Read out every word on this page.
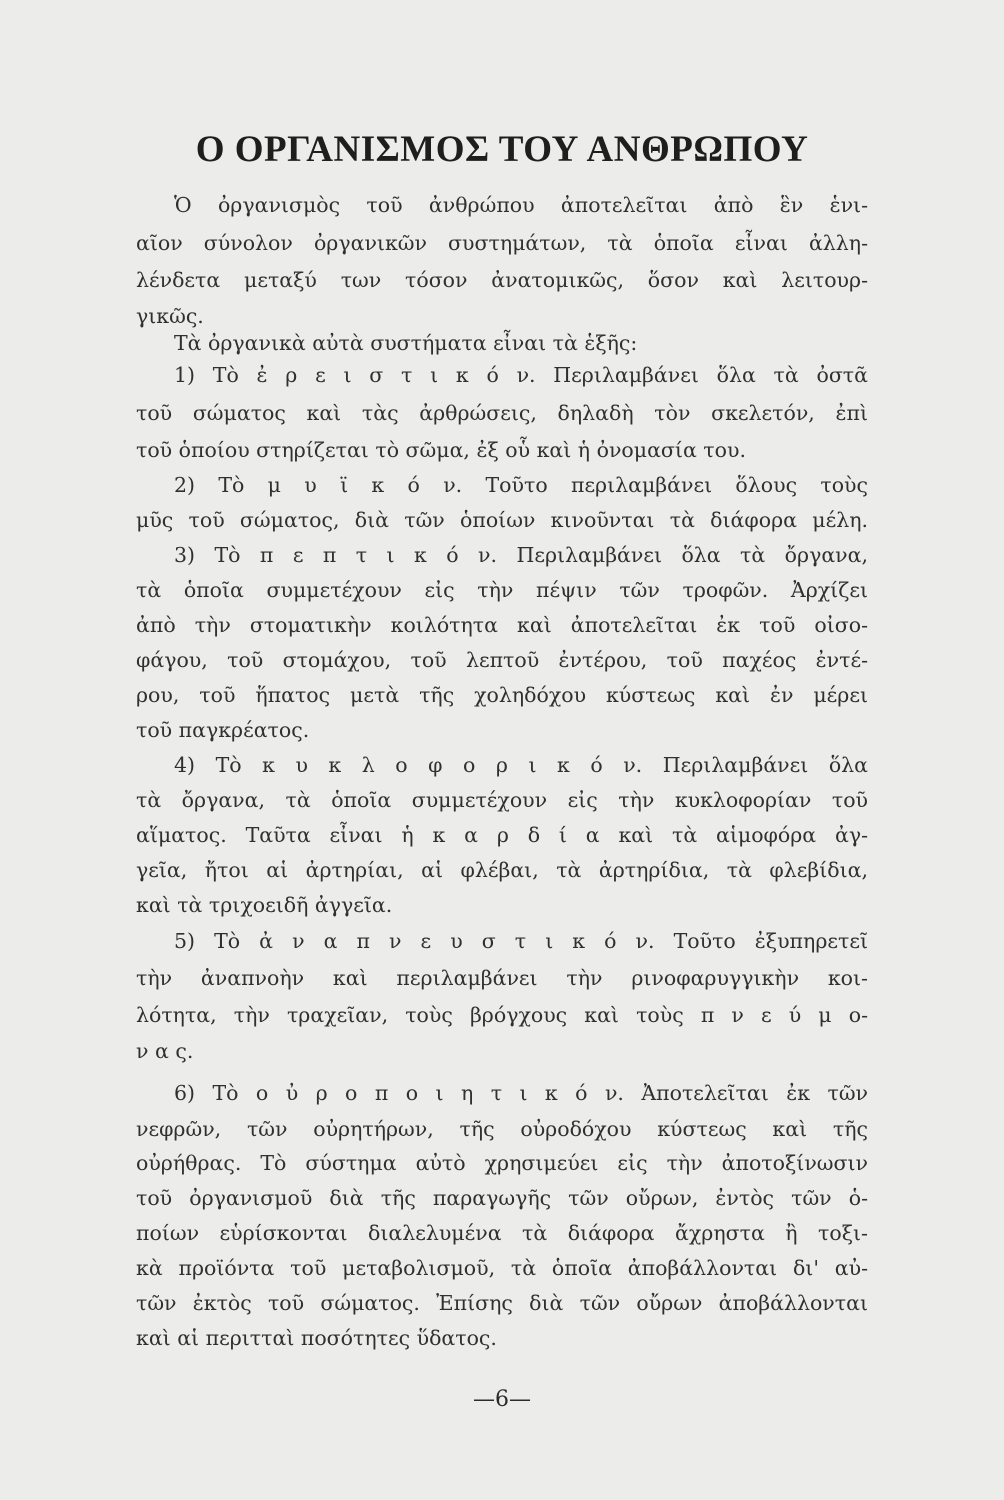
Ο ΟΡΓΑΝΙΣΜΟΣ ΤΟΥ ΑΝΘΡΩΠΟΥ
Ὁ ὀργανισμὸς τοῦ ἀνθρώπου ἀποτελεῖται ἀπὸ ἓν ἑνι-
αῖον σύνολον ὀργανικῶν συστημάτων, τὰ ὁποῖα εἶναι ἀλλη-
λένδετα μεταξύ των τόσον ἀνατομικῶς, ὅσον καὶ λειτουρ-
γικῶς.
Τὰ ὀργανικὰ αὐτὰ συστήματα εἶναι τὰ ἑξῆς:
1) Τὸ ἐ ρ ε ι σ τ ι κ ό ν. Περιλαμβάνει ὅλα τὰ ὀστᾶ
τοῦ σώματος καὶ τὰς ἀρθρώσεις, δηλαδὴ τὸν σκελετόν, ἐπὶ
τοῦ ὁποίου στηρίζεται τὸ σῶμα, ἐξ οὗ καὶ ἡ ὀνομασία του.
2) Τὸ μ υ ϊ κ ό ν. Τοῦτο περιλαμβάνει ὅλους τοὺς
μῦς τοῦ σώματος, διὰ τῶν ὁποίων κινοῦνται τὰ διάφορα μέλη.
3) Τὸ π ε π τ ι κ ό ν. Περιλαμβάνει ὅλα τὰ ὄργανα,
τὰ ὁποῖα συμμετέχουν εἰς τὴν πέψιν τῶν τροφῶν. Ἀρχίζει
ἀπὸ τὴν στοματικὴν κοιλότητα καὶ ἀποτελεῖται ἐκ τοῦ οἰσο-
φάγου, τοῦ στομάχου, τοῦ λεπτοῦ ἐντέρου, τοῦ παχέος ἐντέ-
ρου, τοῦ ἥπατος μετὰ τῆς χοληδόχου κύστεως καὶ ἐν μέρει
τοῦ παγκρέατος.
4) Τὸ κ υ κ λ ο φ ο ρ ι κ ό ν. Περιλαμβάνει ὅλα
τὰ ὄργανα, τὰ ὁποῖα συμμετέχουν εἰς τὴν κυκλοφορίαν τοῦ
αἵματος. Ταῦτα εἶναι ἡ κ α ρ δ ί α καὶ τὰ αἱμοφόρα ἀγ-
γεῖα, ἤτοι αἱ ἀρτηρίαι, αἱ φλέβαι, τὰ ἀρτηρίδια, τὰ φλεβίδια,
καὶ τὰ τριχοειδῆ ἀγγεῖα.
5) Τὸ ἀ ν α π ν ε υ σ τ ι κ ό ν. Τοῦτο ἐξυπηρετεῖ
τὴν ἀναπνοὴν καὶ περιλαμβάνει τὴν ρινοφαρυγγικὴν κοι-
λότητα, τὴν τραχεῖαν, τοὺς βρόγχους καὶ τοὺς π ν ε ύ μ ο-
ν α ς.
6) Τὸ ο ὐ ρ ο π ο ι η τ ι κ ό ν. Ἀποτελεῖται ἐκ τῶν
νεφρῶν, τῶν οὐρητήρων, τῆς οὐροδόχου κύστεως καὶ τῆς
οὐρήθρας. Τὸ σύστημα αὐτὸ χρησιμεύει εἰς τὴν ἀποτοξίνωσιν
τοῦ ὀργανισμοῦ διὰ τῆς παραγωγῆς τῶν οὔρων, ἐντὸς τῶν ὁ-
ποίων εὑρίσκονται διαλελυμένα τὰ διάφορα ἄχρηστα ἢ τοξι-
κὰ προϊόντα τοῦ μεταβολισμοῦ, τὰ ὁποῖα ἀποβάλλονται δι' αὐ-
τῶν ἐκτὸς τοῦ σώματος. Ἐπίσης διὰ τῶν οὔρων ἀποβάλλονται
καὶ αἱ περιτταὶ ποσότητες ὕδατος.
—6—
